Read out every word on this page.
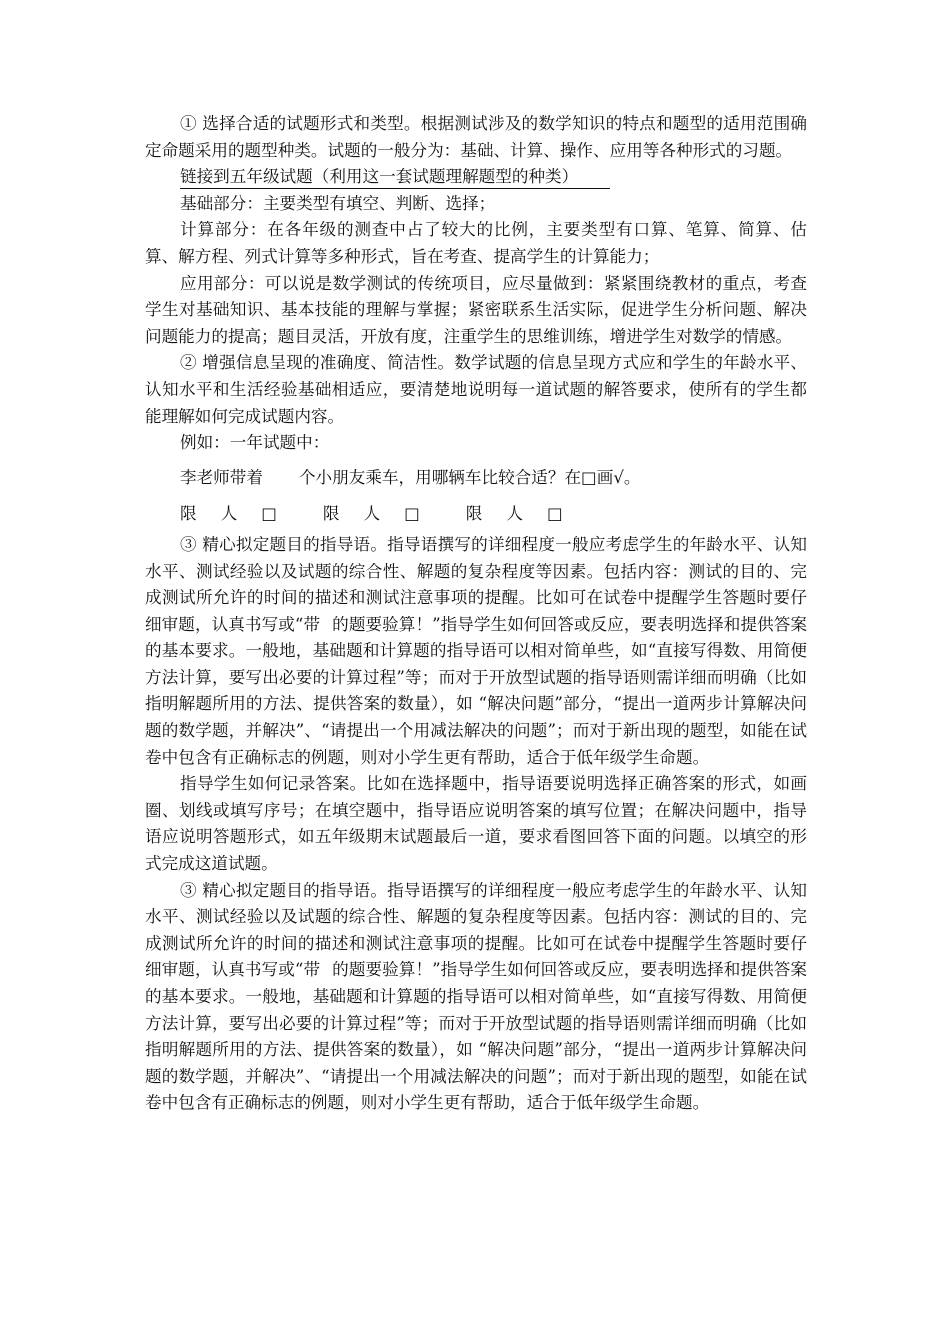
① 选择合适的试题形式和类型。根据测试涉及的数学知识的特点和题型的适用范围确定命题采用的题型种类。试题的一般分为：基础、计算、操作、应用等各种形式的习题。

链接到五年级试题（利用这一套试题理解题型的种类）

基础部分：主要类型有填空、判断、选择；

计算部分：在各年级的测查中占了较大的比例，主要类型有口算、笔算、简算、估算、解方程、列式计算等多种形式，旨在考查、提高学生的计算能力；

应用部分：可以说是数学测试的传统项目，应尽量做到：紧紧围绕教材的重点，考查学生对基础知识、基本技能的理解与掌握；紧密联系生活实际，促进学生分析问题、解决问题能力的提高；题目灵活，开放有度，注重学生的思维训练，增进学生对数学的情感。

② 增强信息呈现的准确度、简洁性。数学试题的信息呈现方式应和学生的年龄水平、认知水平和生活经验基础相适应，要清楚地说明每一道试题的解答要求，使所有的学生都能理解如何完成试题内容。

例如：一年试题中：

李老师带着 个小朋友乘车，用哪辆车比较合适？在□画√。

限 人 □	限 人 □	限 人 □

③ 精心拟定题目的指导语。指导语撰写的详细程度一般应考虑学生的年龄水平、认知水平、测试经验以及试题的综合性、解题的复杂程度等因素。包括内容：测试的目的、完成测试所允许的时间的描述和测试注意事项的提醒。比如可在试卷中提醒学生答题时要仔细审题，认真书写或“带 的题要验算！”指导学生如何回答或反应，要表明选择和提供答案的基本要求。一般地，基础题和计算题的指导语可以相对简单些，如“直接写得数、用简便方法计算，要写出必要的计算过程”等；而对于开放型试题的指导语则需详细而明确（比如指明解题所用的方法、提供答案的数量），如 “解决问题”部分，“提出一道两步计算解决问题的数学题，并解决”、“请提出一个用减法解决的问题”；而对于新出现的题型，如能在试卷中包含有正确标志的例题，则对小学生更有帮助，适合于低年级学生命题。

指导学生如何记录答案。比如在选择题中，指导语要说明选择正确答案的形式，如画圈、划线或填写序号；在填空题中，指导语应说明答案的填写位置；在解决问题中，指导语应说明答题形式，如五年级期末试题最后一道，要求看图回答下面的问题。以填空的形式完成这道试题。

③ 精心拟定题目的指导语。指导语撰写的详细程度一般应考虑学生的年龄水平、认知水平、测试经验以及试题的综合性、解题的复杂程度等因素。包括内容：测试的目的、完成测试所允许的时间的描述和测试注意事项的提醒。比如可在试卷中提醒学生答题时要仔细审题，认真书写或“带 的题要验算！”指导学生如何回答或反应，要表明选择和提供答案的基本要求。一般地，基础题和计算题的指导语可以相对简单些，如“直接写得数、用简便方法计算，要写出必要的计算过程”等；而对于开放型试题的指导语则需详细而明确（比如指明解题所用的方法、提供答案的数量），如 “解决问题”部分，“提出一道两步计算解决问题的数学题，并解决”、“请提出一个用减法解决的问题”；而对于新出现的题型，如能在试卷中包含有正确标志的例题，则对小学生更有帮助，适合于低年级学生命题。
